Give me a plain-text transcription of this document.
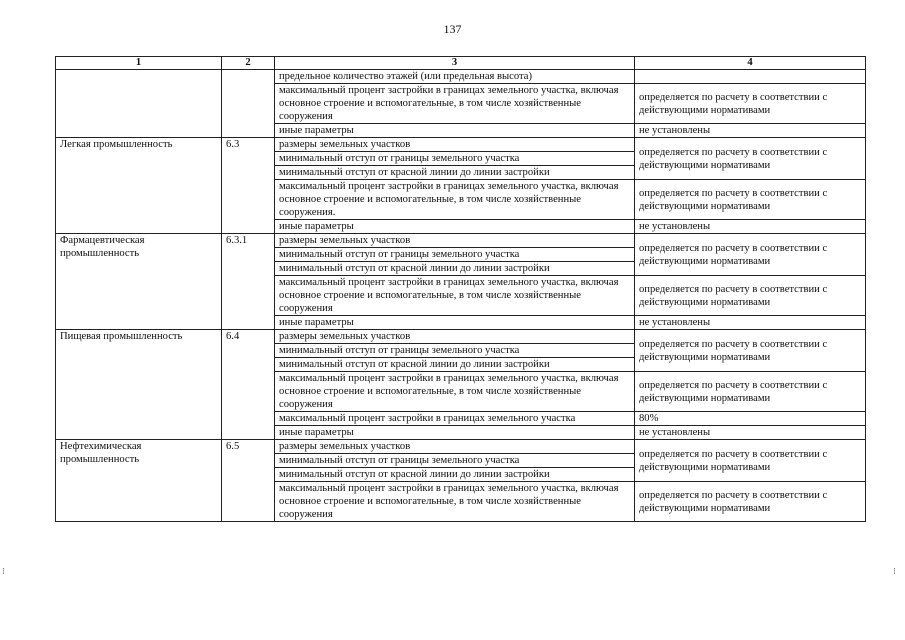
137
1	2	3	4
		предельное количество этажей (или предельная высота)	
		максимальный процент застройки в границах земельного участка, включая основное строение и вспомогательные, в том числе хозяйственные сооружения	определяется по расчету в соответствии с действующими нормативами
		иные параметры	не установлены
Легкая промышленность	6.3	размеры земельных участков	определяется по расчету в соответствии с действующими нормативами
		минимальный отступ от границы земельного участка	
		минимальный отступ от красной линии до линии застройки	
		максимальный процент застройки в границах земельного участка, включая основное строение и вспомогательные, в том числе хозяйственные сооружения.	определяется по расчету в соответствии с действующими нормативами
		иные параметры	не установлены
Фармацевтическая промышленность	6.3.1	размеры земельных участков	определяется по расчету в соответствии с действующими нормативами
		минимальный отступ от границы земельного участка	
		минимальный отступ от красной линии до линии застройки	
		максимальный процент застройки в границах земельного участка, включая основное строение и вспомогательные, в том числе хозяйственные сооружения	определяется по расчету в соответствии с действующими нормативами
		иные параметры	не установлены
Пищевая промышленность	6.4	размеры земельных участков	определяется по расчету в соответствии с действующими нормативами
		минимальный отступ от границы земельного участка	
		минимальный отступ от красной линии до линии застройки	
		максимальный процент застройки в границах земельного участка, включая основное строение и вспомогательные, в том числе хозяйственные сооружения	определяется по расчету в соответствии с действующими нормативами
		максимальный процент застройки в границах земельного участка	80%
		иные параметры	не установлены
Нефтехимическая промышленность	6.5	размеры земельных участков	определяется по расчету в соответствии с действующими нормативами
		минимальный отступ от границы земельного участка	
		минимальный отступ от красной линии до линии застройки	
		максимальный процент застройки в границах земельного участка, включая основное строение и вспомогательные, в том числе хозяйственные сооружения	определяется по расчету в соответствии с действующими нормативами
⁝	⁝
